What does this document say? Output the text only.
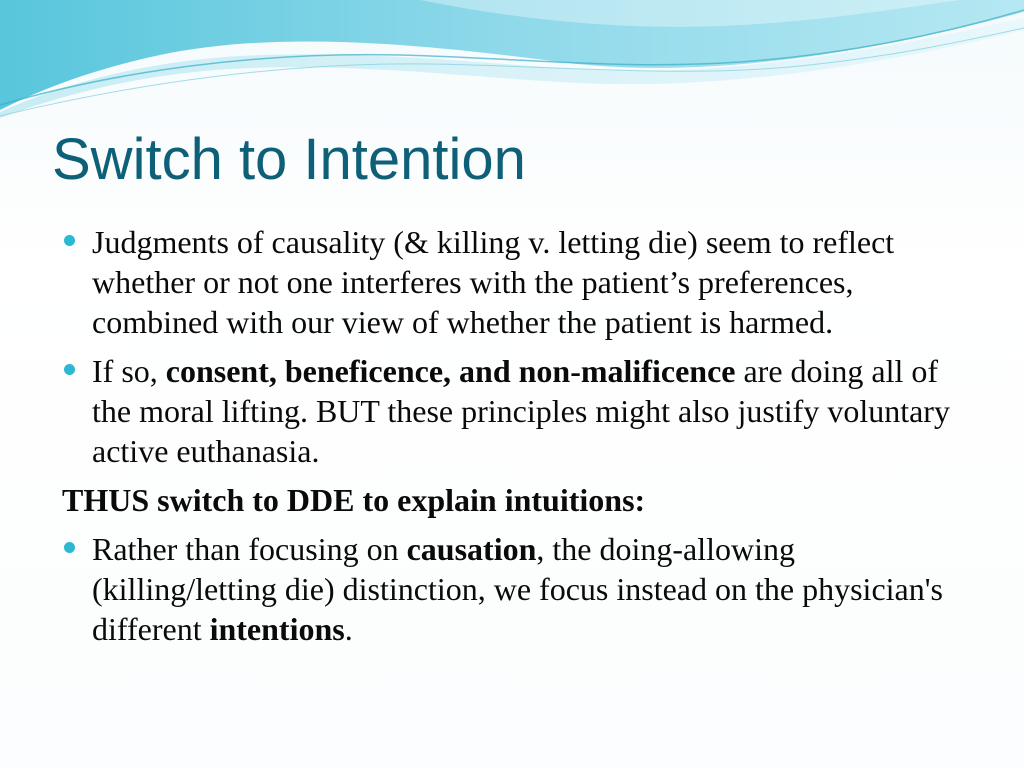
Switch to Intention
Judgments of causality (& killing v. letting die) seem to reflect whether or not one interferes with the patient’s preferences, combined with our view of whether the patient is harmed.
If so, consent, beneficence, and non-malificence are doing all of the moral lifting. BUT these principles might also justify voluntary active euthanasia.
THUS switch to DDE to explain intuitions:
Rather than focusing on causation, the doing-allowing (killing/letting die) distinction, we focus instead on the physician's different intentions.
